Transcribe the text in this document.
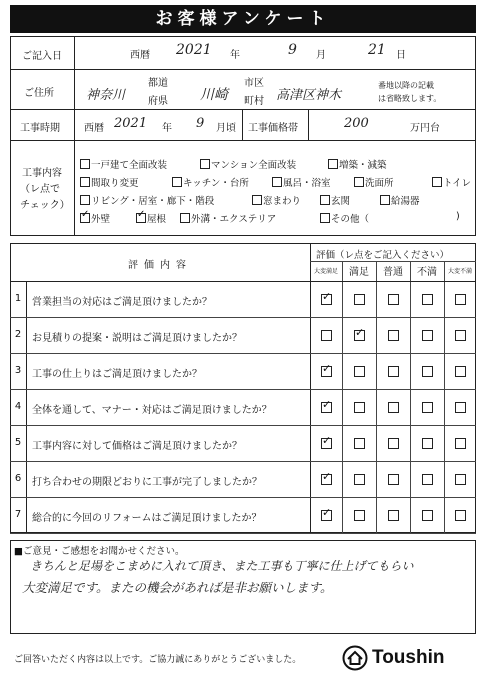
お客様アンケート
ご記入日	西暦 2021 年	9 月	21 日
ご住所 神奈川
都道
府県 川崎
市区
町村 高津区神木
番地以降の記載
は省略致します。
工事時期 西暦 2021 年 9 月頃 工事価格帯	200	万円台
工事内容
（レ点で
チェック）
一戸建て全面改装	マンション全面改装	増築・減築
間取り変更	キッチン・台所	風呂・浴室	洗面所	トイレ
リビング・居室・廊下・階段	窓まわり	玄関	給湯器
✓外壁
✓	屋根	外溝・エクステリア	その他（	)
評価内容
評価（レ点をご記入ください）
大変満足	満足	普通	不満	大変不満
1 営業担当の対応はご満足頂けましたか？
✓
2 お見積りの提案・説明はご満足頂けましたか？
✓
3 工事の仕上りはご満足頂けましたか？
✓
4 全体を通して、マナー・対応はご満足頂けましたか？
✓
5 工事内容に対して価格はご満足頂けましたか？
✓
6 打ち合わせの期限どおりに工事が完了しましたか？
✓
7 総合的に今回のリフォームはご満足頂けましたか？
✓
■ご意見・ご感想をお聞かせください。
きちんと足場をこまめに入れて頂き、また工事も丁寧に仕上げてもらい
大変満足です。またの機会があれば是非お願いします。
ご回答いただく内容は以上です。ご協力誠にありがとうございました。	Toushin
